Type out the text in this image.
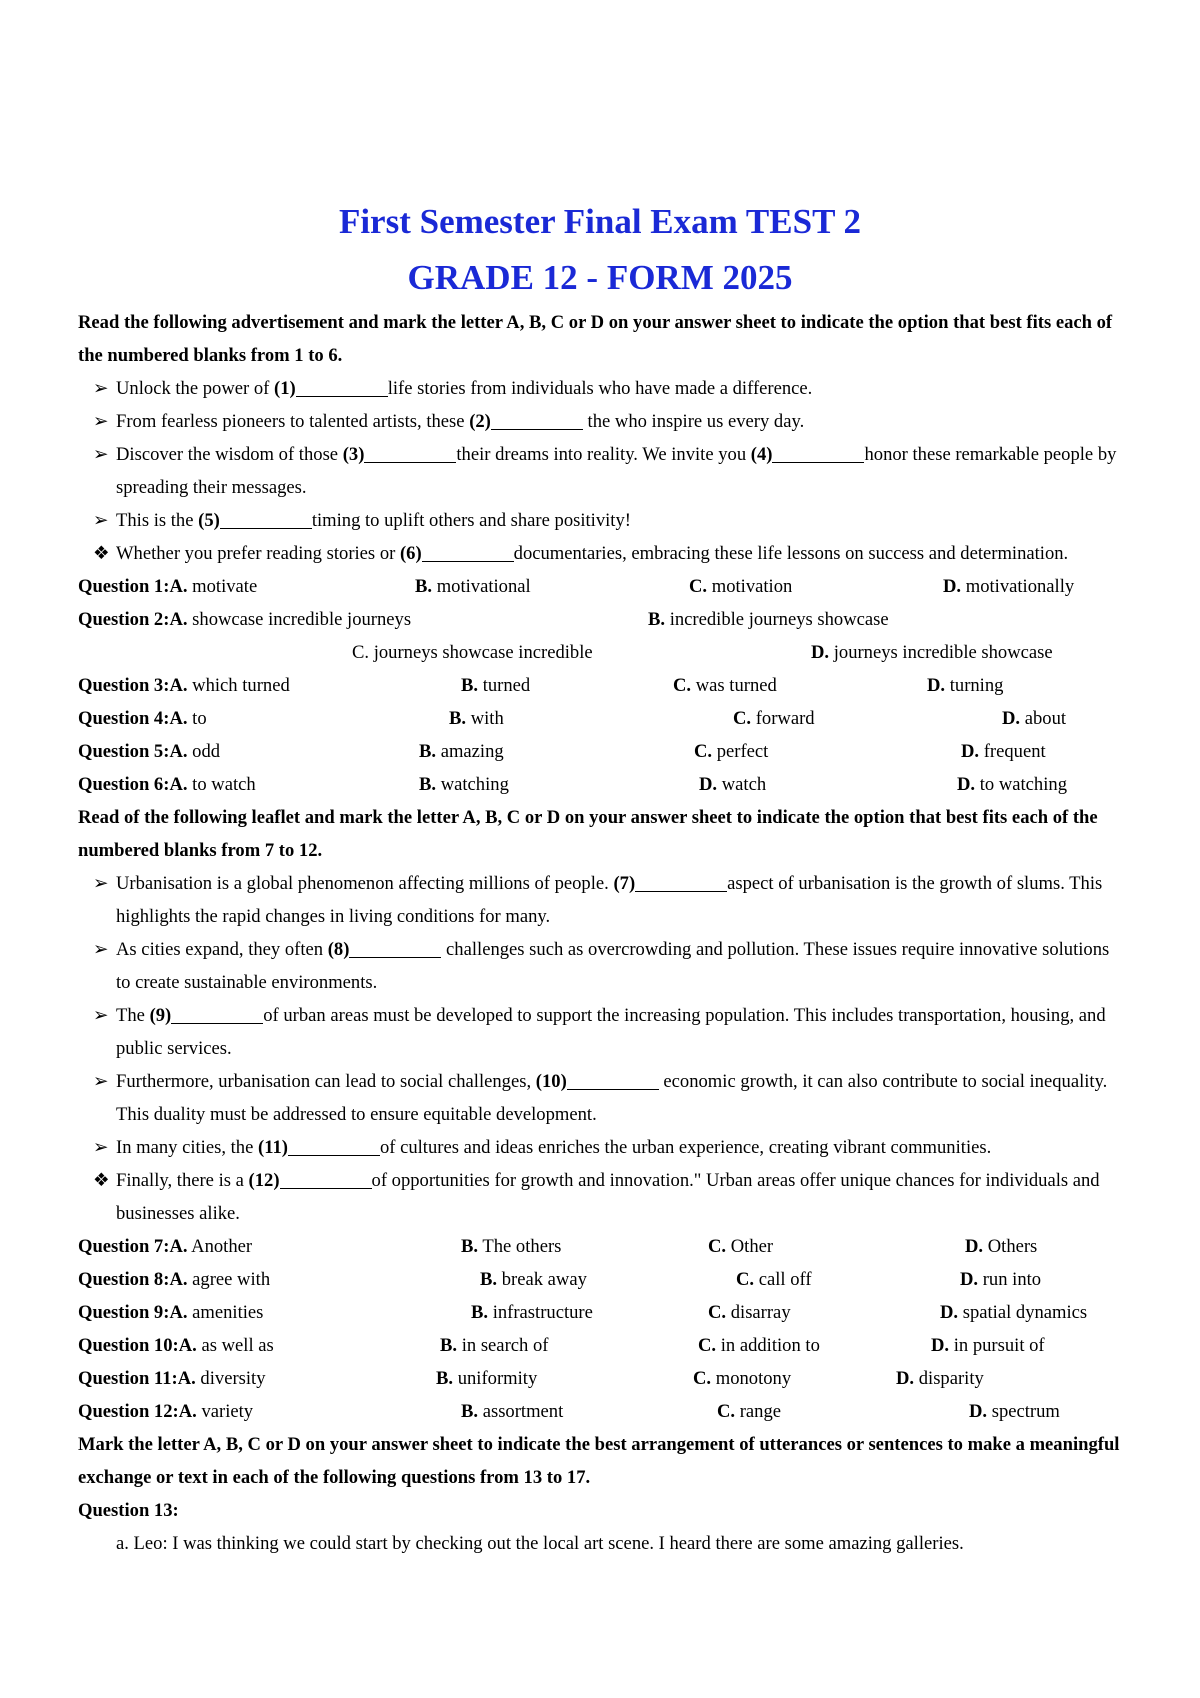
First Semester Final Exam TEST 2
GRADE 12 - FORM 2025
Read the following advertisement and mark the letter A, B, C or D on your answer sheet to indicate the option that best fits each of the numbered blanks from 1 to 6.
➢ Unlock the power of (1)	life stories from individuals who have made a difference.
➢ From fearless pioneers to talented artists, these (2)	the who inspire us every day.
➢ Discover the wisdom of those (3)	their dreams into reality. We invite you (4)	honor these remarkable people by spreading their messages.
➢ This is the (5)	timing to uplift others and share positivity!
❖ Whether you prefer reading stories or (6)	documentaries, embracing these life lessons on success and determination.
Question 1:A. motivate	B. motivational	C. motivation	D. motivationally
Question 2:A. showcase incredible journeys	B. incredible journeys showcase
C. journeys showcase incredible	D. journeys incredible showcase
Question 3:A. which turned	B. turned	C. was turned	D. turning
Question 4:A. to	B. with	C. forward	D. about
Question 5:A. odd	B. amazing	C. perfect	D. frequent
Question 6:A. to watch	B. watching	D. watch	D. to watching
Read of the following leaflet and mark the letter A, B, C or D on your answer sheet to indicate the option that best fits each of the numbered blanks from 7 to 12.
➢ Urbanisation is a global phenomenon affecting millions of people. (7)	aspect of urbanisation is the growth of slums. This highlights the rapid changes in living conditions for many.
➢ As cities expand, they often (8)	challenges such as overcrowding and pollution. These issues require innovative solutions to create sustainable environments.
➢ The (9)	of urban areas must be developed to support the increasing population. This includes transportation, housing, and public services.
➢ Furthermore, urbanisation can lead to social challenges, (10)	economic growth, it can also contribute to social inequality. This duality must be addressed to ensure equitable development.
➢ In many cities, the (11)	of cultures and ideas enriches the urban experience, creating vibrant communities.
❖ Finally, there is a (12)	of opportunities for growth and innovation." Urban areas offer unique chances for individuals and businesses alike.
Question 7:A. Another	B. The others	C. Other	D. Others
Question 8:A. agree with	B. break away	C. call off	D. run into
Question 9:A. amenities	B. infrastructure	C. disarray	D. spatial dynamics
Question 10:A. as well as	B. in search of	C. in addition to	D. in pursuit of
Question 11:A. diversity	B. uniformity	C. monotony	D. disparity
Question 12:A. variety	B. assortment	C. range	D. spectrum
Mark the letter A, B, C or D on your answer sheet to indicate the best arrangement of utterances or sentences to make a meaningful exchange or text in each of the following questions from 13 to 17.
Question 13:
a. Leo: I was thinking we could start by checking out the local art scene. I heard there are some amazing galleries.
